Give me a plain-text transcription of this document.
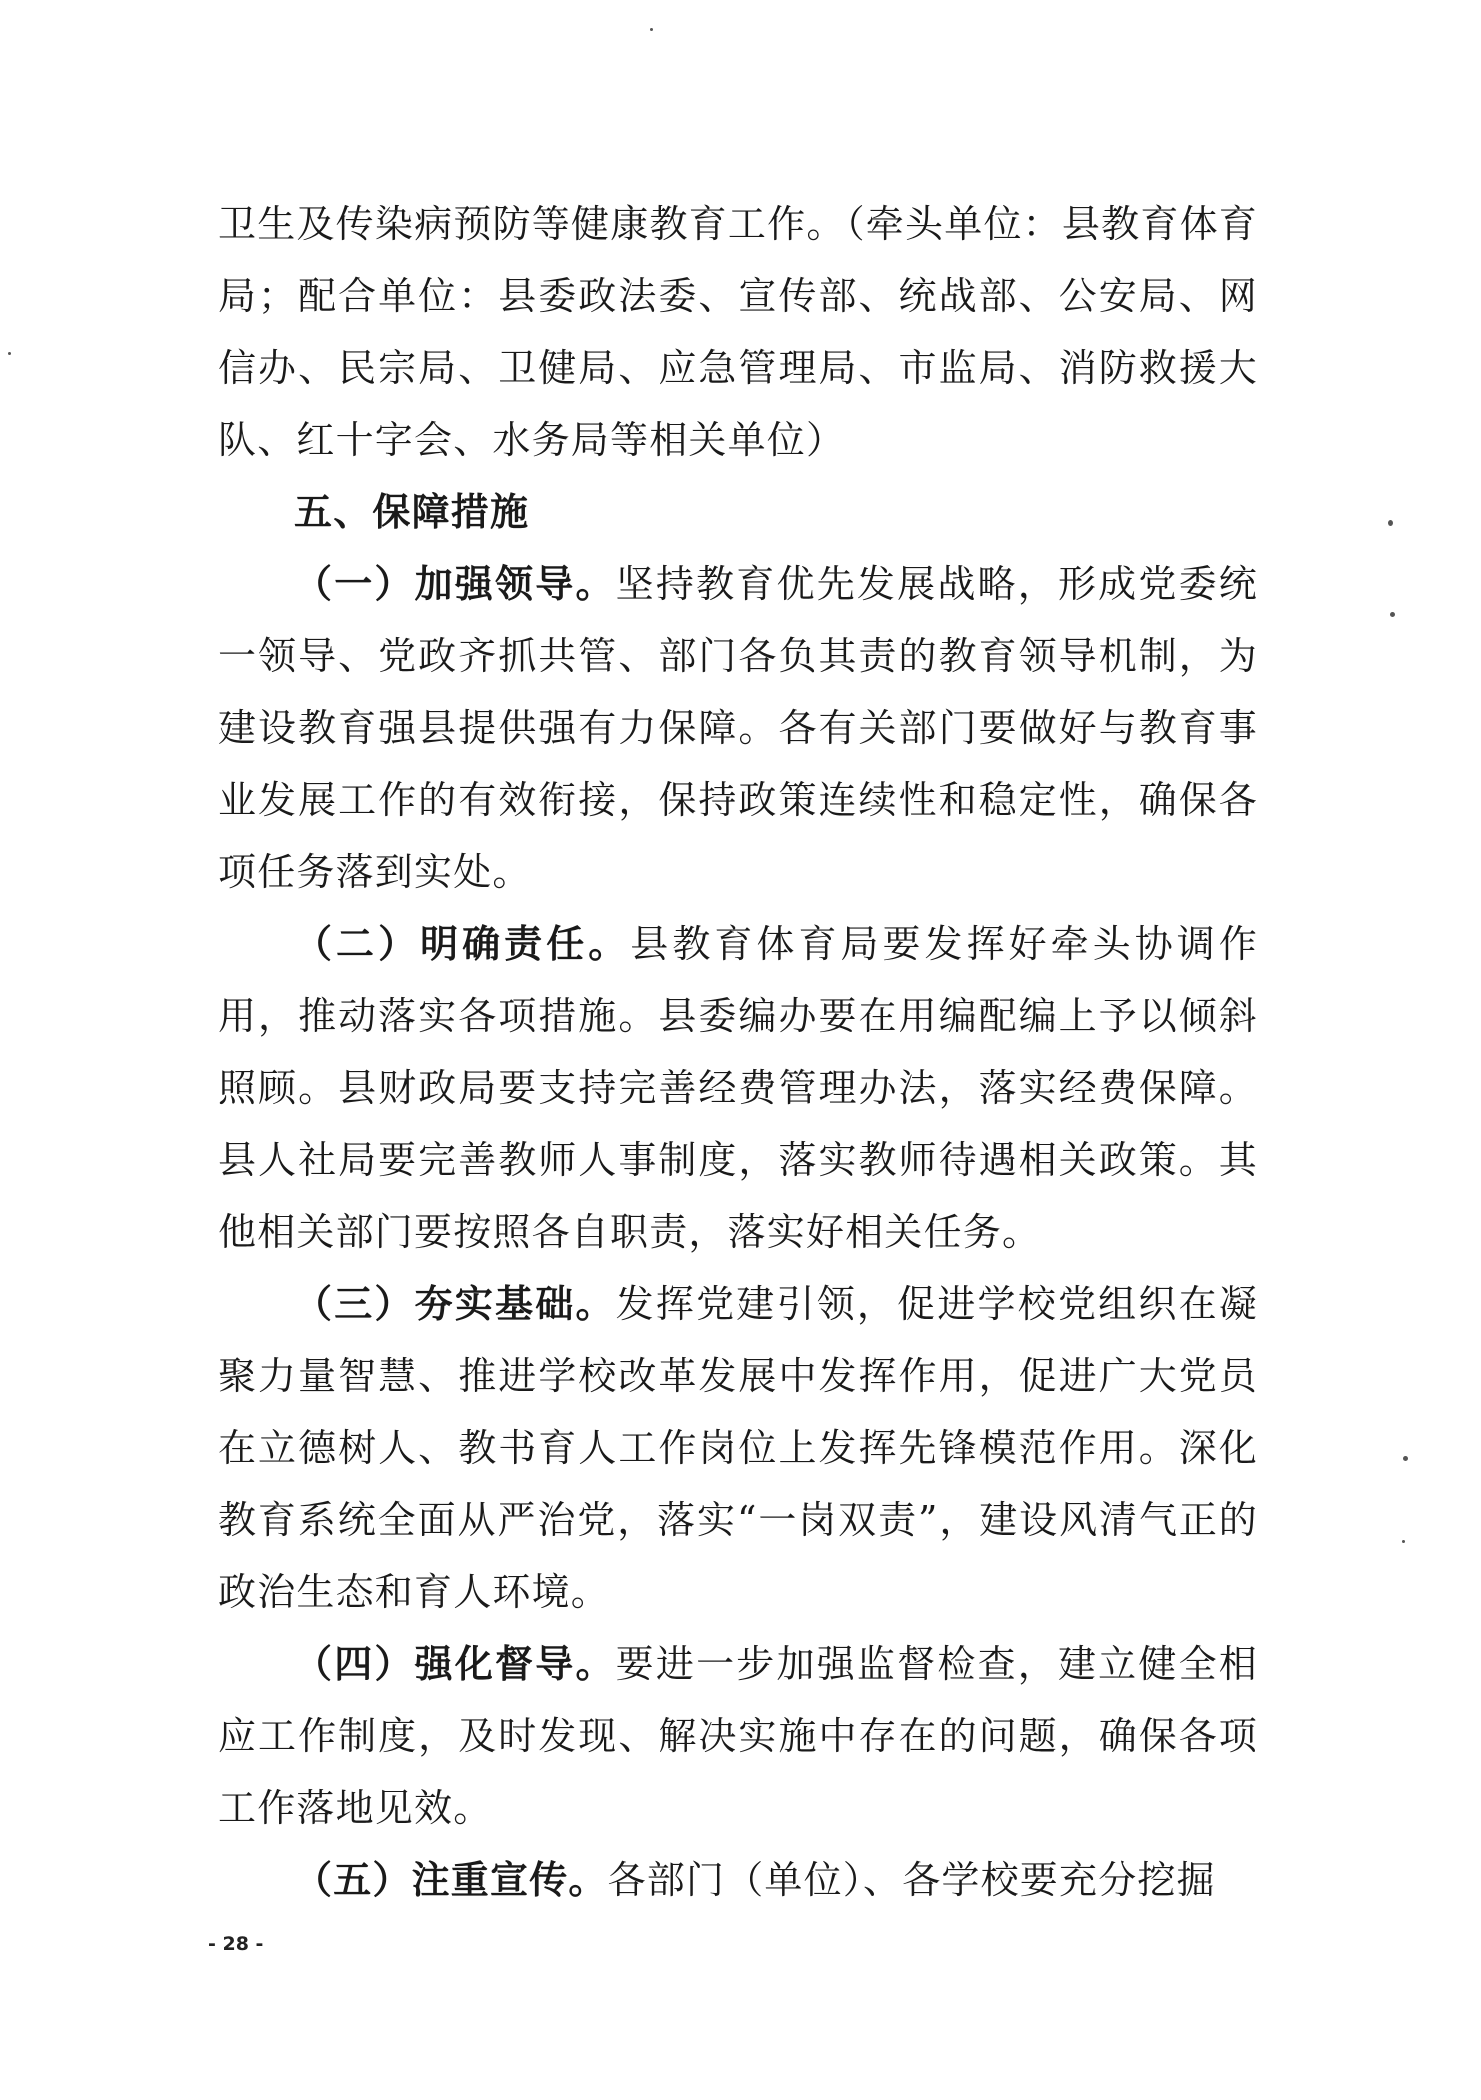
卫生及传染病预防等健康教育工作。（牵头单位：县教育体育局；配合单位：县委政法委、宣传部、统战部、公安局、网信办、民宗局、卫健局、应急管理局、市监局、消防救援大队、红十字会、水务局等相关单位）

五、保障措施

（一）加强领导。坚持教育优先发展战略，形成党委统一领导、党政齐抓共管、部门各负其责的教育领导机制，为建设教育强县提供强有力保障。各有关部门要做好与教育事业发展工作的有效衔接，保持政策连续性和稳定性，确保各项任务落到实处。

（二）明确责任。县教育体育局要发挥好牵头协调作用，推动落实各项措施。县委编办要在用编配编上予以倾斜照顾。县财政局要支持完善经费管理办法，落实经费保障。县人社局要完善教师人事制度，落实教师待遇相关政策。其他相关部门要按照各自职责，落实好相关任务。

（三）夯实基础。发挥党建引领，促进学校党组织在凝聚力量智慧、推进学校改革发展中发挥作用，促进广大党员在立德树人、教书育人工作岗位上发挥先锋模范作用。深化教育系统全面从严治党，落实“一岗双责”，建设风清气正的政治生态和育人环境。

（四）强化督导。要进一步加强监督检查，建立健全相应工作制度，及时发现、解决实施中存在的问题，确保各项工作落地见效。

（五）注重宣传。各部门（单位）、各学校要充分挖掘

- 28 -
